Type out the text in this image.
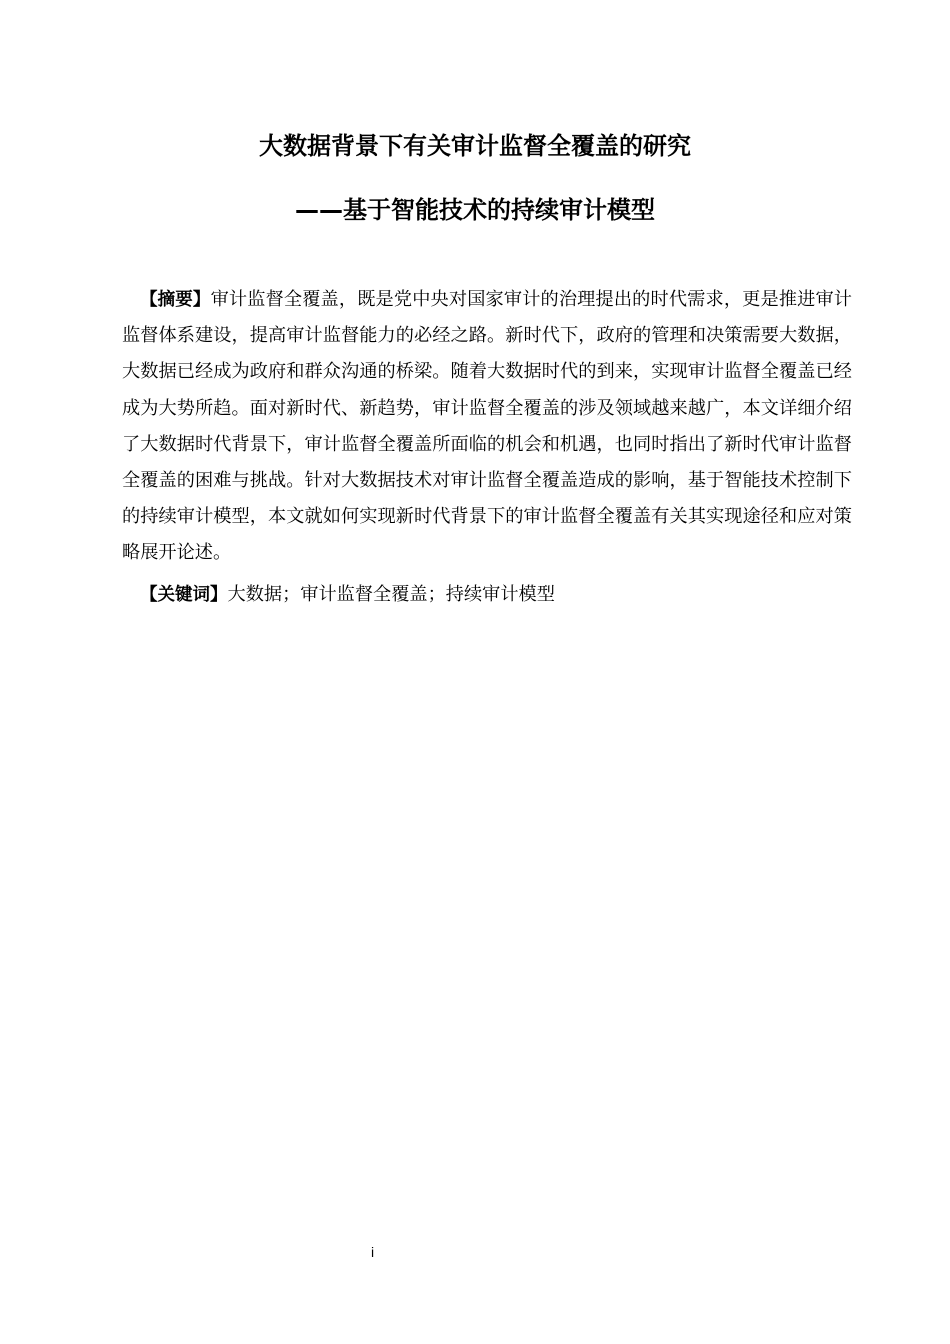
大数据背景下有关审计监督全覆盖的研究
——基于智能技术的持续审计模型

【摘要】审计监督全覆盖，既是党中央对国家审计的治理提出的时代需求，更是推进审计监督体系建设，提高审计监督能力的必经之路。新时代下，政府的管理和决策需要大数据，大数据已经成为政府和群众沟通的桥梁。随着大数据时代的到来，实现审计监督全覆盖已经成为大势所趋。面对新时代、新趋势，审计监督全覆盖的涉及领域越来越广，本文详细介绍了大数据时代背景下，审计监督全覆盖所面临的机会和机遇，也同时指出了新时代审计监督全覆盖的困难与挑战。针对大数据技术对审计监督全覆盖造成的影响，基于智能技术控制下的持续审计模型，本文就如何实现新时代背景下的审计监督全覆盖有关其实现途径和应对策略展开论述。

【关键词】大数据；审计监督全覆盖；持续审计模型

i
